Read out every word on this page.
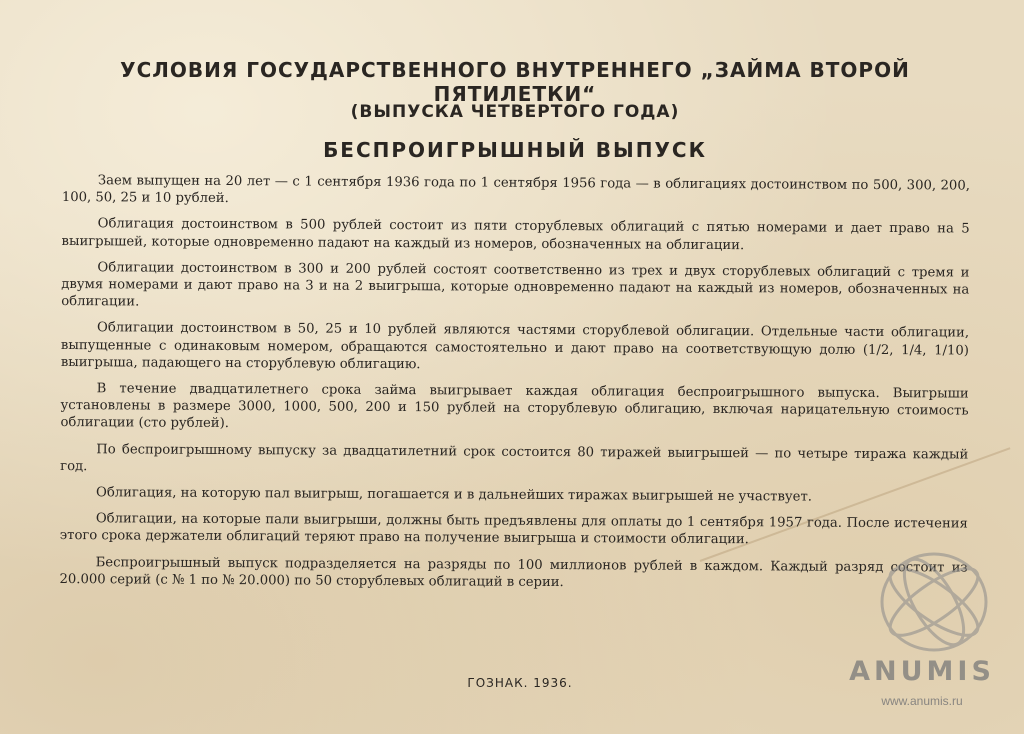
УСЛОВИЯ ГОСУДАРСТВЕННОГО ВНУТРЕННЕГО „ЗАЙМА ВТОРОЙ ПЯТИЛЕТКИ“
(ВЫПУСКА ЧЕТВЕРТОГО ГОДА)
БЕСПРОИГРЫШНЫЙ ВЫПУСК

Заем выпущен на 20 лет — с 1 сентября 1936 года по 1 сентября 1956 года — в облигациях достоинством по 500, 300, 200, 100, 50, 25 и 10 рублей.

Облигация достоинством в 500 рублей состоит из пяти сторублевых облигаций с пятью номерами и дает право на 5 выигрышей, которые одновременно падают на каждый из номеров, обозначенных на облигации.

Облигации достоинством в 300 и 200 рублей состоят соответственно из трех и двух сторублевых облигаций с тремя и двумя номерами и дают право на 3 и на 2 выигрыша, которые одновременно падают на каждый из номеров, обозначенных на облигации.

Облигации достоинством в 50, 25 и 10 рублей являются частями сторублевой облигации. Отдельные части облигации, выпущенные с одинаковым номером, обращаются самостоятельно и дают право на соответствующую долю (1/2, 1/4, 1/10) выигрыша, падающего на сторублевую облигацию.

В течение двадцатилетнего срока займа выигрывает каждая облигация беспроигрышного выпуска. Выигрыши установлены в размере 3000, 1000, 500, 200 и 150 рублей на сторублевую облигацию, включая нарицательную стоимость облигации (сто рублей).

По беспроигрышному выпуску за двадцатилетний срок состоится 80 тиражей выигрышей — по четыре тиража каждый год.

Облигация, на которую пал выигрыш, погашается и в дальнейших тиражах выигрышей не участвует.

Облигации, на которые пали выигрыши, должны быть предъявлены для оплаты до 1 сентября 1957 года. После истечения этого срока держатели облигаций теряют право на получение выигрыша и стоимости облигации.

Беспроигрышный выпуск подразделяется на разряды по 100 миллионов рублей в каждом. Каждый разряд состоит из 20.000 серий (с № 1 по № 20.000) по 50 сторублевых облигаций в серии.

ГОЗНАК. 1936.	ANUMIS
www.anumis.ru
